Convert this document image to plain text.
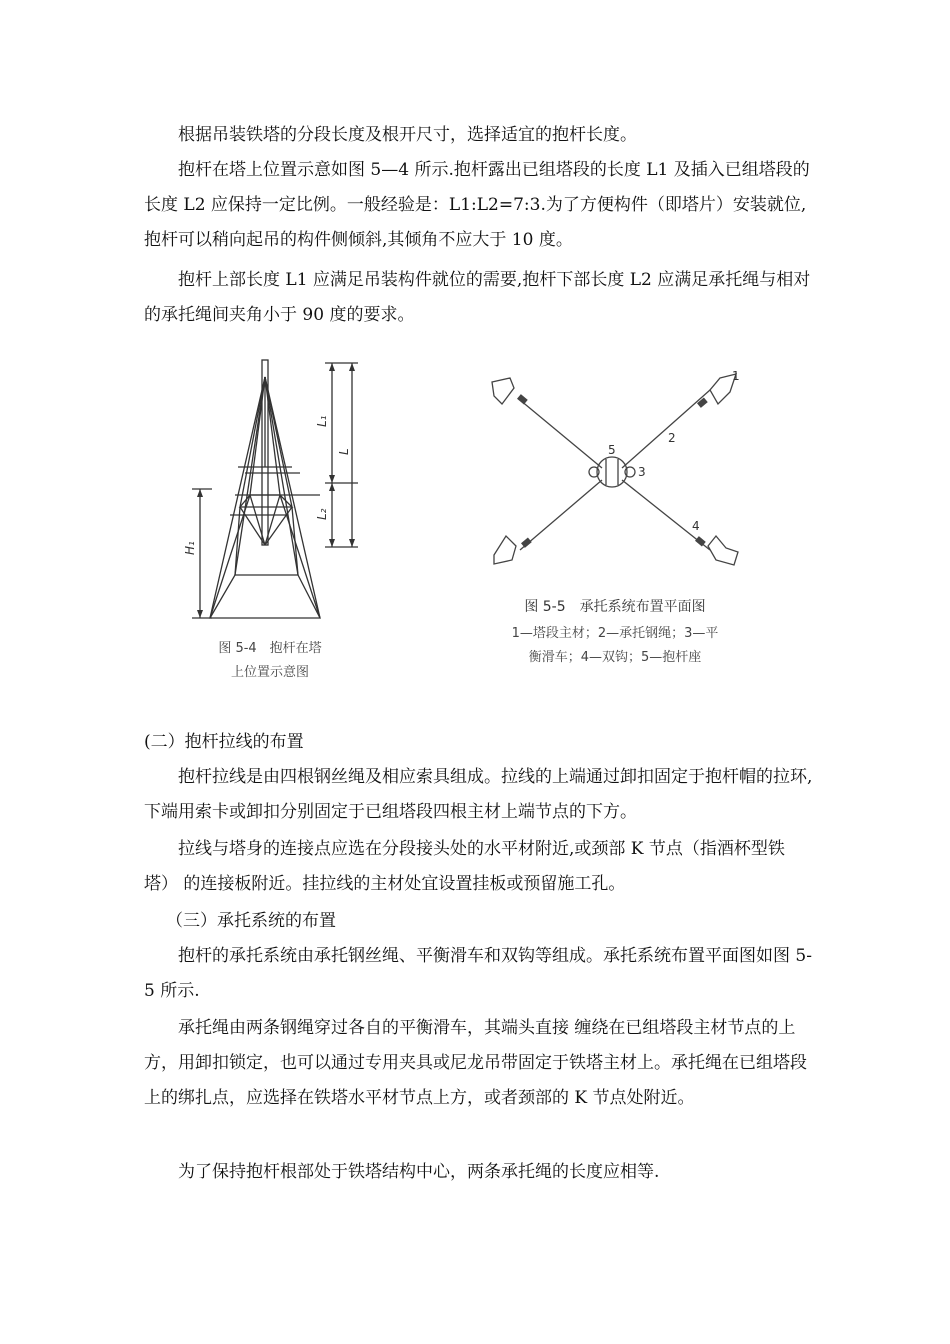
根据吊装铁塔的分段长度及根开尺寸，选择适宜的抱杆长度。
抱杆在塔上位置示意如图 5—4 所示.抱杆露出已组塔段的长度 L1 及插入已组塔段的长度 L2 应保持一定比例。一般经验是：L1:L2=7:3.为了方便构件（即塔片）安装就位,抱杆可以稍向起吊的构件侧倾斜,其倾角不应大于 10 度。
抱杆上部长度 L1 应满足吊装构件就位的需要,抱杆下部长度 L2 应满足承托绳与相对的承托绳间夹角小于 90 度的要求。
L₁
L
L₂
H₁
图 5-4　抱杆在塔
上位置示意图
1
2
3
4
5
图 5-5　承托系统布置平面图
1—塔段主材；2—承托钢绳；3—平
衡滑车；4—双钩；5—抱杆座
(二）抱杆拉线的布置
抱杆拉线是由四根钢丝绳及相应索具组成。拉线的上端通过卸扣固定于抱杆帽的拉环,下端用索卡或卸扣分别固定于已组塔段四根主材上端节点的下方。
拉线与塔身的连接点应选在分段接头处的水平材附近,或颈部 K 节点（指酒杯型铁塔） 的连接板附近。挂拉线的主材处宜设置挂板或预留施工孔。
（三）承托系统的布置
抱杆的承托系统由承托钢丝绳、平衡滑车和双钩等组成。承托系统布置平面图如图 5-5 所示.
承托绳由两条钢绳穿过各自的平衡滑车，其端头直接 缠绕在已组塔段主材节点的上方，用卸扣锁定，也可以通过专用夹具或尼龙吊带固定于铁塔主材上。承托绳在已组塔段上的绑扎点，应选择在铁塔水平材节点上方，或者颈部的 K 节点处附近。
为了保持抱杆根部处于铁塔结构中心，两条承托绳的长度应相等.
